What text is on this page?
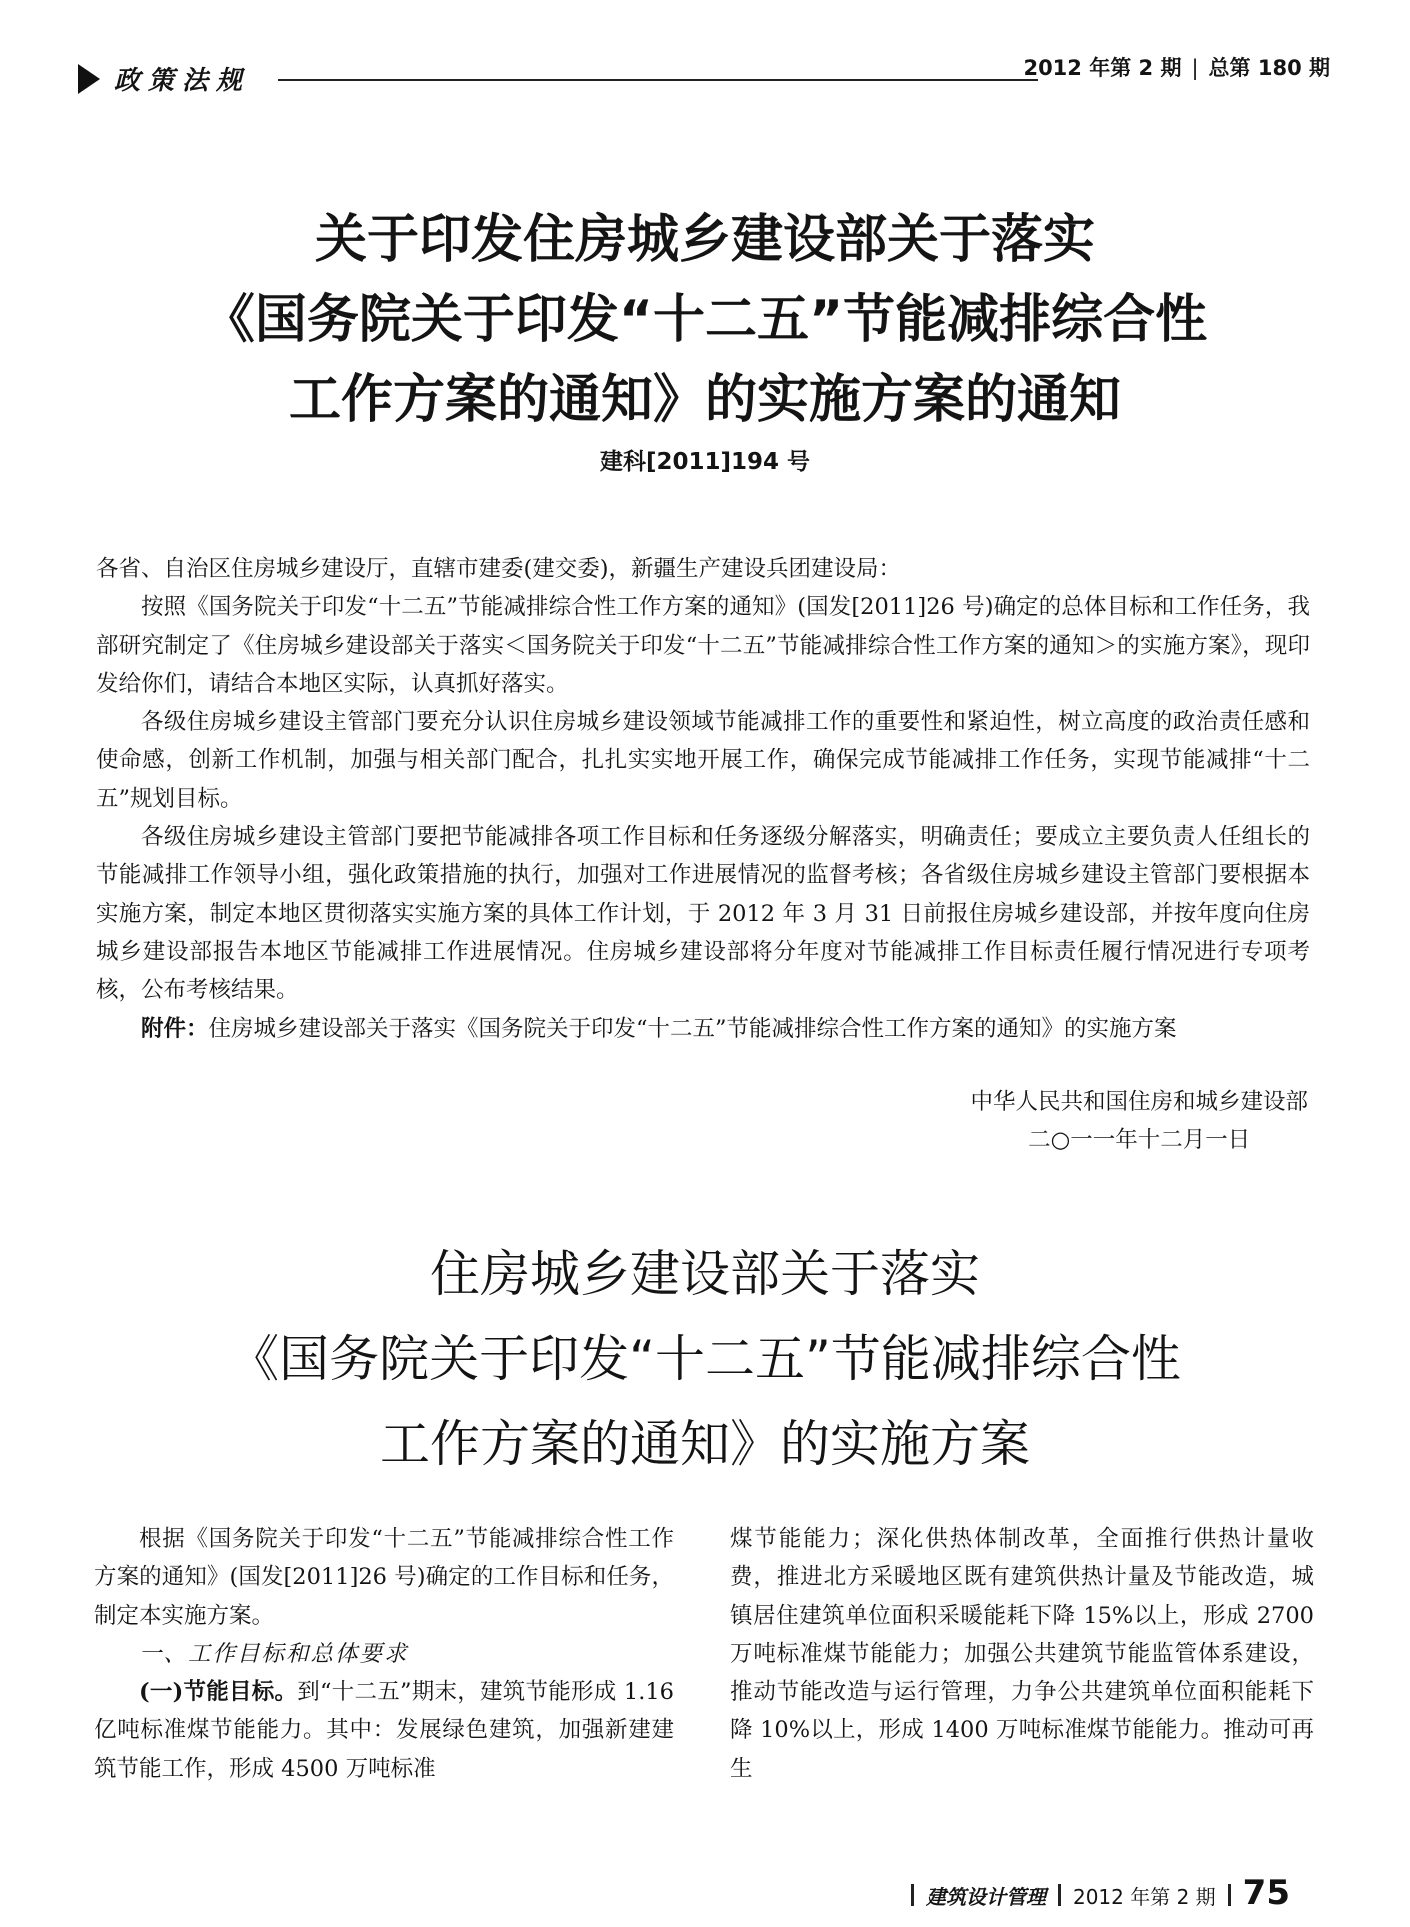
政策法规	2012 年第 2 期 | 总第 180 期
关于印发住房城乡建设部关于落实
《国务院关于印发“十二五”节能减排综合性
工作方案的通知》的实施方案的通知
建科[2011]194 号

各省、自治区住房城乡建设厅，直辖市建委(建交委)，新疆生产建设兵团建设局：

按照《国务院关于印发“十二五”节能减排综合性工作方案的通知》(国发[2011]26 号)确定的总体目标和工作任务，我部研究制定了《住房城乡建设部关于落实＜国务院关于印发“十二五”节能减排综合性工作方案的通知＞的实施方案》，现印发给你们，请结合本地区实际，认真抓好落实。

各级住房城乡建设主管部门要充分认识住房城乡建设领域节能减排工作的重要性和紧迫性，树立高度的政治责任感和使命感，创新工作机制，加强与相关部门配合，扎扎实实地开展工作，确保完成节能减排工作任务，实现节能减排“十二五”规划目标。

各级住房城乡建设主管部门要把节能减排各项工作目标和任务逐级分解落实，明确责任；要成立主要负责人任组长的节能减排工作领导小组，强化政策措施的执行，加强对工作进展情况的监督考核；各省级住房城乡建设主管部门要根据本实施方案，制定本地区贯彻落实实施方案的具体工作计划，于 2012 年 3 月 31 日前报住房城乡建设部，并按年度向住房城乡建设部报告本地区节能减排工作进展情况。住房城乡建设部将分年度对节能减排工作目标责任履行情况进行专项考核，公布考核结果。

附件：住房城乡建设部关于落实《国务院关于印发“十二五”节能减排综合性工作方案的通知》的实施方案

中华人民共和国住房和城乡建设部
二○一一年十二月一日
住房城乡建设部关于落实
《国务院关于印发“十二五”节能减排综合性
工作方案的通知》的实施方案

根据《国务院关于印发“十二五”节能减排综合性工作方案的通知》(国发[2011]26 号)确定的工作目标和任务，制定本实施方案。

一、工作目标和总体要求

(一)节能目标。到“十二五”期末，建筑节能形成 1.16 亿吨标准煤节能能力。其中：发展绿色建筑，加强新建建筑节能工作，形成 4500 万吨标准

煤节能能力；深化供热体制改革，全面推行供热计量收费，推进北方采暖地区既有建筑供热计量及节能改造，城镇居住建筑单位面积采暖能耗下降 15%以上，形成 2700 万吨标准煤节能能力；加强公共建筑节能监管体系建设，推动节能改造与运行管理，力争公共建筑单位面积能耗下降 10%以上，形成 1400 万吨标准煤节能能力。推动可再生

建筑设计管理 2012 年第 2 期 75
